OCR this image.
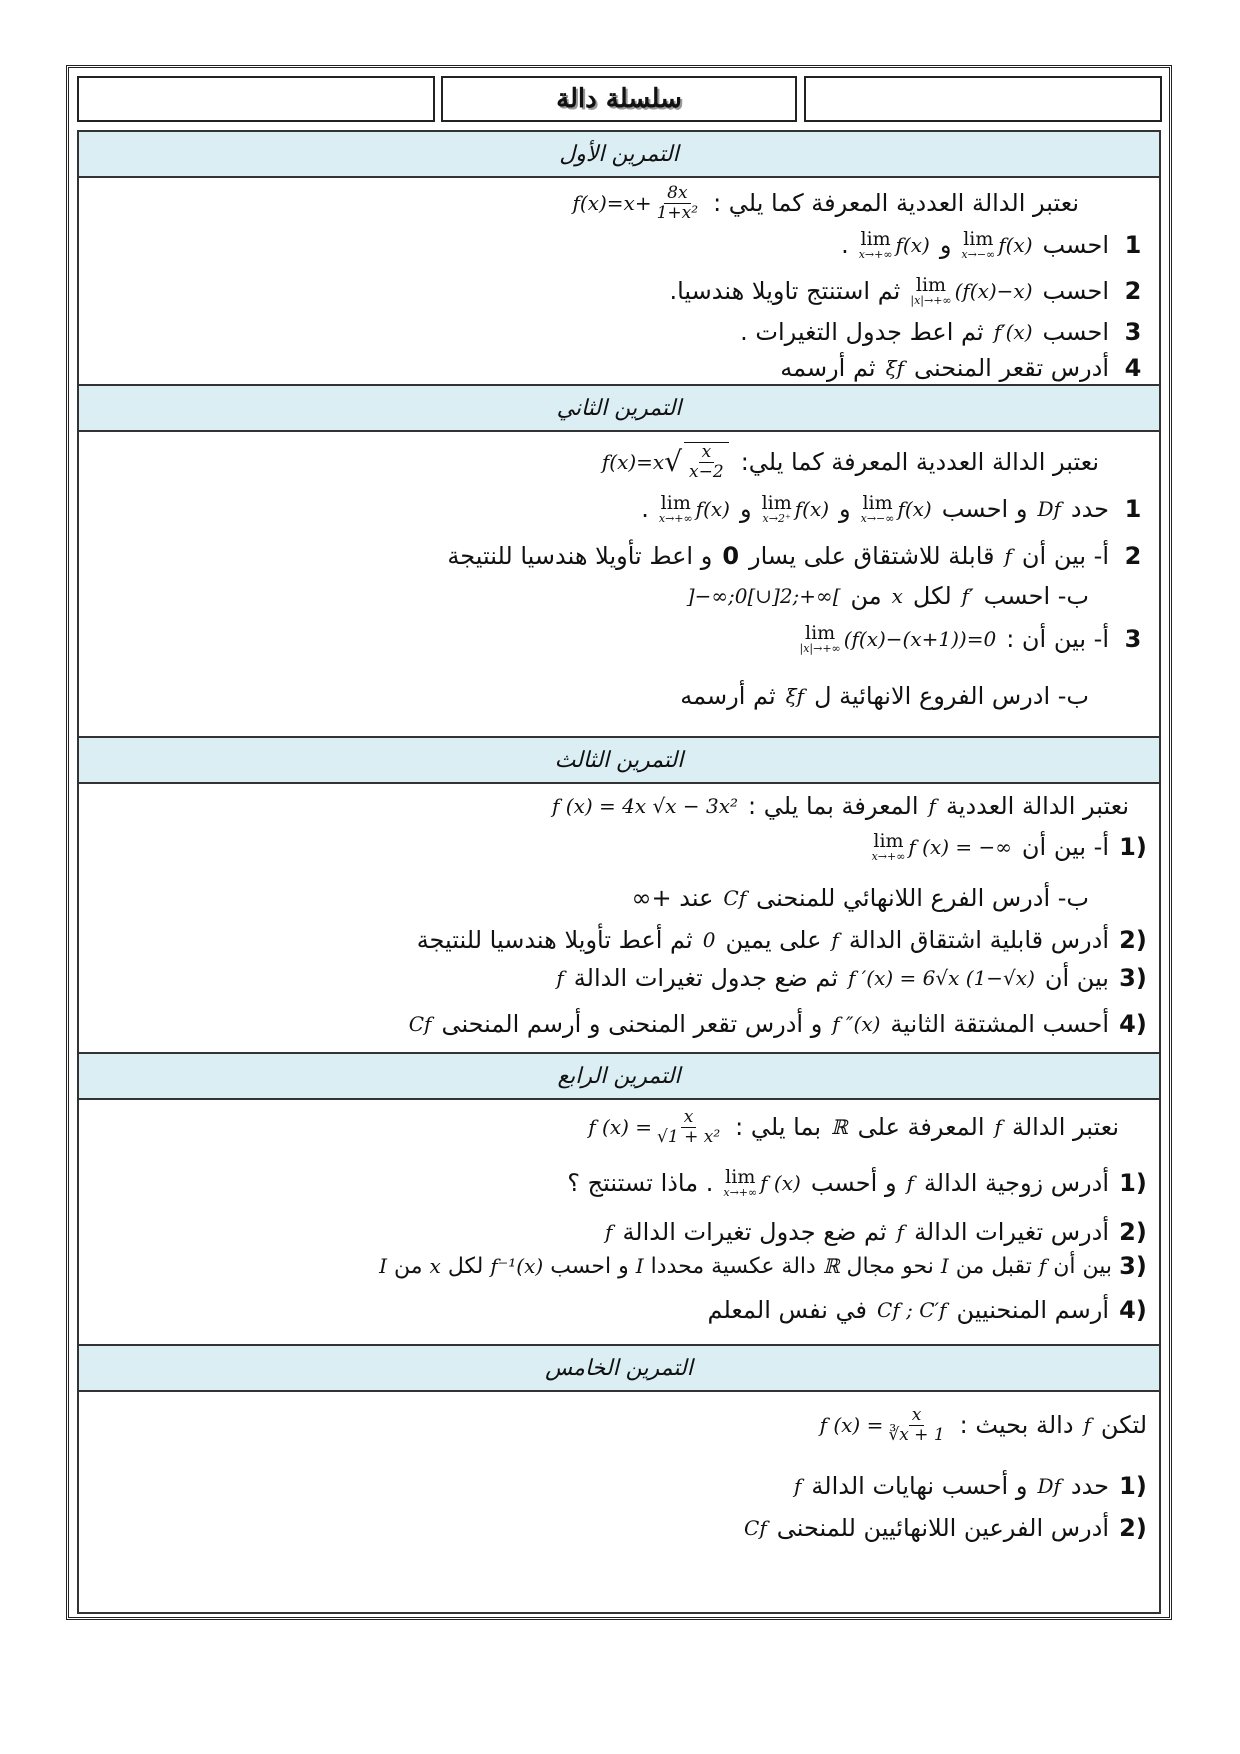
سلسلة دالة
التمرين الأول
نعتبر الدالة العددية المعرفة كما يلي :
$f(x)=x+ \frac{8x}{\text{1+x²}}$
1
احسب
lim
x→−∞ f(x)
و
lim
x→+∞ f(x)
.
2
احسب
lim
|x|→+∞ (f(x)−x)
ثم استنتج تاويلا هندسيا.
3
احسب
f′(x)
ثم اعط جدول التغيرات .
4
أدرس تقعر المنحنى
ξf
ثم أرسمه
التمرين الثاني
نعتبر الدالة العددية المعرفة كما يلي:
f(x)=x √ $\frac{x}{x-2}$
1
حدد
Df
و احسب
lim
x→−∞ f(x)
و
lim
x→2⁺ f(x)
و
lim
x→+∞ f(x)
.
2
أ- بين أن
f
قابلة للاشتقاق على يسار
0
و اعط تأويلا هندسيا للنتيجة
ب- احسب
f′
لكل
x
من
]−∞;0[∪]2;+∞[
3
أ- بين أن :
lim
|x|→+∞ (f(x)−(x+1))=0
ب- ادرس الفروع الانهائية ل
ξf
ثم أرسمه
التمرين الثالث
نعتبر الدالة العددية
f
المعرفة بما يلي :
f (x) = 4x √x − 3x²
1)
أ- بين أن
lim
x→+∞ f (x) = −∞
ب- أدرس الفرع اللانهائي للمنحنى
Cf
عند +∞
2)
أدرس قابلية اشتقاق الدالة
f
على يمين
0
ثم أعط تأويلا هندسيا للنتيجة
3)
بين أن
f ′(x) = 6√x (1−√x)
ثم ضع جدول تغيرات الدالة
f
4)
أحسب المشتقة الثانية
f ″(x)
و أدرس تقعر المنحنى و أرسم المنحنى
Cf
التمرين الرابع
نعتبر الدالة
f
المعرفة على
ℝ
بما يلي :
f $(x) = \frac{x}{\text{√1 + x²}}$
1)
أدرس زوجية الدالة
f
و أحسب
lim
x→+∞ f (x)
. ماذا تستنتج ؟
2)
أدرس تغيرات الدالة
f
ثم ضع جدول تغيرات الدالة
f
3)
بين أن
f
تقبل من
I
نحو مجال
ℝ
دالة عكسية محددا
I
و احسب
f⁻¹(x)
لكل
x
من
I
4)
أرسم المنحنيين
Cf ; C′f
في نفس المعلم
التمرين الخامس
لتكن
f
دالة بحيث :
f $(x) = \frac{x}{∛x + 1}$
1)
حدد
Df
و أحسب نهايات الدالة
f
2)
أدرس الفرعين اللانهائيين للمنحنى
Cf
